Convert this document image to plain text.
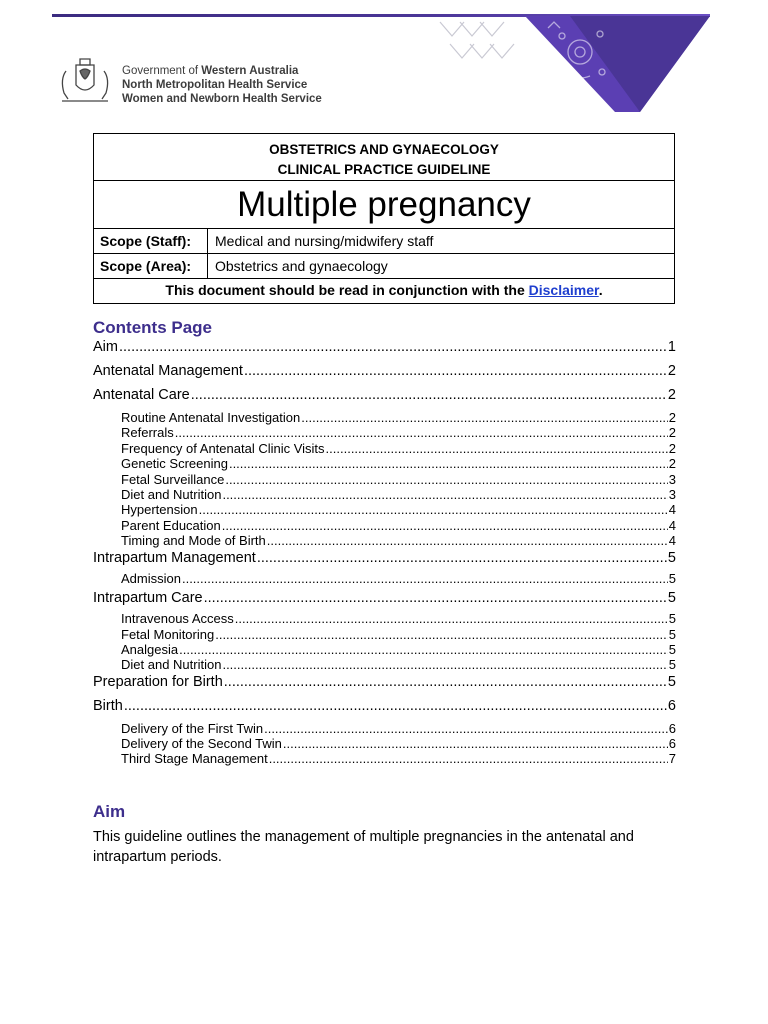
Government of Western Australia
North Metropolitan Health Service
Women and Newborn Health Service
OBSTETRICS AND GYNAECOLOGY
CLINICAL PRACTICE GUIDELINE
Multiple pregnancy
Scope (Staff):	Medical and nursing/midwifery staff
Scope (Area):	Obstetrics and gynaecology
This document should be read in conjunction with the Disclaimer.
Contents Page
Aim .....	1
Antenatal Management .....	2
Antenatal Care .....	2
Routine Antenatal Investigation .....	2
Referrals .....	2
Frequency of Antenatal Clinic Visits .....	2
Genetic Screening .....	2
Fetal Surveillance .....	3
Diet and Nutrition .....	3
Hypertension .....	4
Parent Education .....	4
Timing and Mode of Birth .....	4
Intrapartum Management .....	5
Admission .....	5
Intrapartum Care .....	5
Intravenous Access .....	5
Fetal Monitoring .....	5
Analgesia .....	5
Diet and Nutrition .....	5
Preparation for Birth .....	5
Birth .....	6
Delivery of the First Twin .....	6
Delivery of the Second Twin .....	6
Third Stage Management .....	7
Aim
This guideline outlines the management of multiple pregnancies in the antenatal and intrapartum periods.
